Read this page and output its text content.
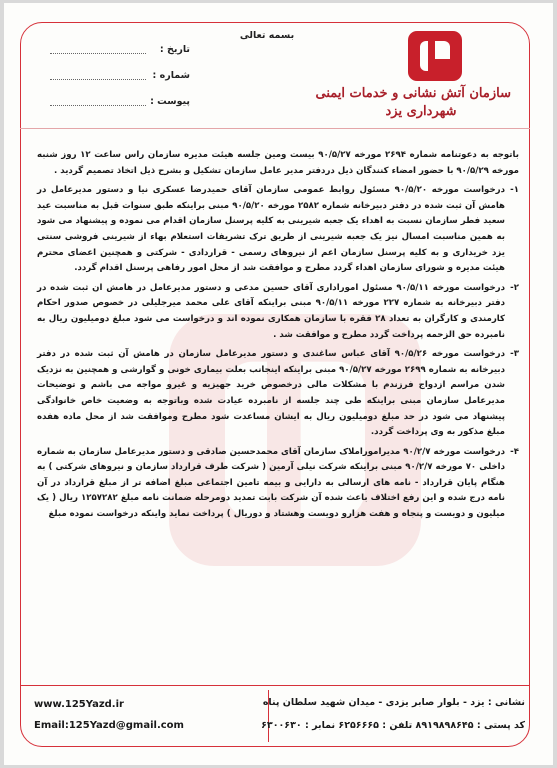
بسمه تعالی
تاریخ :
شماره :
پیوست :
سازمان آتش نشانی و خدمات ایمنی
شهرداری یزد

باتوجه به دعوتنامه شماره ۲۶۹۴ مورخه ۹۰/۵/۲۷ بیست ومین جلسه هیئت مدیره سازمان راس ساعت ۱۲ روز شنبه مورخه ۹۰/۵/۲۹ با حضور امضاء کنندگان ذیل دردفتر مدیر عامل سازمان تشکیل و بشرح ذیل اتخاذ تصمیم گردید .

۱-
درخواست مورخه ۹۰/۵/۲۰ مسئول روابط عمومی سازمان آقای حمیدرضا عسکری نیا و دستور مدیرعامل در هامش آن ثبت شده در دفتر دبیرخانه شماره ۲۵۸۲ مورخه ۹۰/۵/۲۰ مبنی براینکه طبق سنوات قبل به مناسبت عید سعید فطر سازمان نسبت به اهداء یک جعبه شیرینی به کلیه پرسنل سازمان اقدام می نموده و پیشنهاد می شود به همین مناسبت امسال نیز یک جعبه شیرینی از طریق ترک تشریفات استعلام بهاء از شیرینی فروشی سنتی یزد خریداری و به کلیه پرسنل سازمان اعم از نیروهای رسمی - قراردادی - شرکتی و همچنین اعضای محترم هیئت مدیره و شورای سازمان اهداء گردد مطرح و موافقت شد از محل امور رفاهی پرسنل اقدام گردد.

۲-
درخواست مورخه ۹۰/۵/۱۱ مسئول اموراداری آقای حسین مدعی و دستور مدیرعامل در هامش ان ثبت شده در دفتر دبیرخانه به شماره ۲۲۷ مورخه ۹۰/۵/۱۱ مبنی براینکه آقای علی محمد میرجلیلی در خصوص صدور احکام کارمندی و کارگران به تعداد ۲۸ فقره با سازمان همکاری نموده اند و درخواست می شود مبلغ دومیلیون ریال به نامبرده حق الزحمه پرداخت گردد مطرح و موافقت شد .

۳-
درخواست مورخه ۹۰/۵/۲۶ آقای عباس ساغندی و دستور مدیرعامل سازمان در هامش آن ثبت شده در دفتر دبیرخانه به شماره ۲۶۹۹ مورخه ۹۰/۵/۲۷ مبنی براینکه اینجانب بعلت بیماری خونی و گوارشی و همچنین به نزدیک شدن مراسم ازدواج فرزندم با مشکلات مالی درخصوص خرید جهیزیه و غیرو مواجه می باشم و توضیحات مدیرعامل سازمان مبنی براینکه طی چند جلسه از نامبرده عیادت شده وباتوجه به وضعیت خاص خانوادگی پیشنهاد می شود در حد مبلغ دومیلیون ریال به ایشان مساعدت شود مطرح وموافقت شد از محل ماده هفده مبلغ مذکور به وی پرداخت گردد.

۴-
درخواست مورخه ۹۰/۲/۷ مدیراموراملاک سازمان آقای محمدحسین صادقی و دستور مدیرعامل سازمان به شماره داخلی ۷۰ مورخه ۹۰/۲/۷ مبنی براینکه شرکت نیلی آرمین ( شرکت طرف قرارداد سازمان و نیروهای شرکتی ) به هنگام پایان قرارداد - نامه های ارسالی به دارایی و بیمه تامین اجتماعی مبلغ اضافه تر از مبلغ قرارداد در آن نامه درج شده و این رفع اختلاف باعث شده آن شرکت بابت تمدید دومرحله ضمانت نامه مبلغ ۱۲۵۷۲۸۲ ریال ( یک میلیون و دویست و پنجاه و هفت هزارو دویست وهشتاد و دوریال ) پرداخت نماید واینکه درخواست نموده مبلغ

نشانی : یزد - بلوار صابر یزدی - میدان شهید سلطان پناه
کد پستی : ۸۹۱۹۸۹۸۶۴۵ تلفن : ۶۲۵۶۶۶۵ نمابر : ۶۳۰۰۶۳۰
www.125Yazd.ir
Email:125Yazd@gmail.com
